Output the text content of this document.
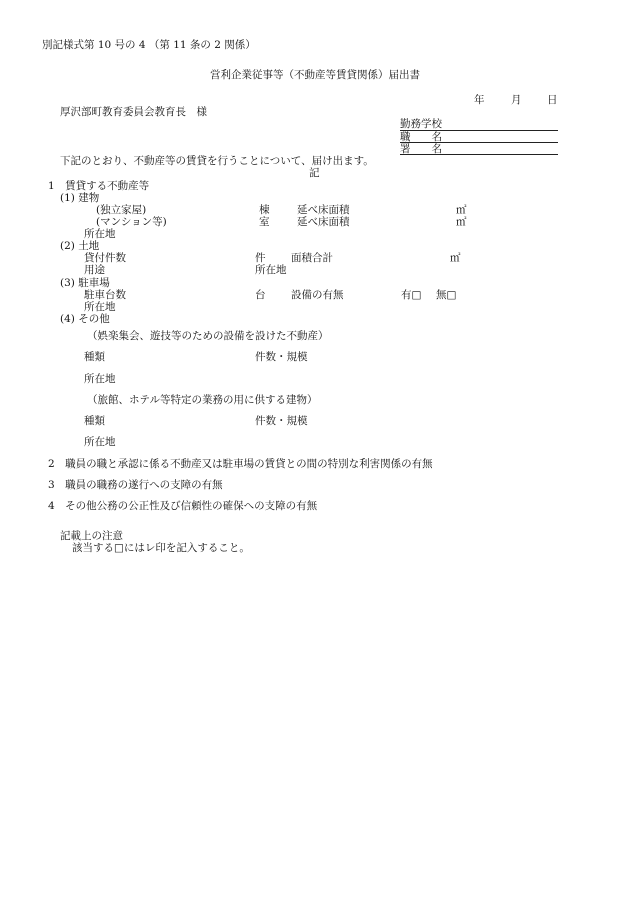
別記様式第 10 号の 4 （第 11 条の 2 関係）
営利企業従事等（不動産等賃貸関係）届出書
年	月 日
厚沢部町教育委員会教育長　様
勤務学校
職　　名
署　　名
下記のとおり、不動産等の賃貸を行うことについて、届け出ます。
記
1　賃貸する不動産等
(1) 建物
(独立家屋)	棟	延べ床面積	㎡
(マンション等)	室	延べ床面積	㎡
所在地
(2) 土地
貸付件数	件 面積合計	㎡
用途	所在地
(3) 駐車場
駐車台数	台 設備の有無	有□ 無□
所在地
(4) その他
（娯楽集会、遊技等のための設備を設けた不動産）
種類	件数・規模
所在地
（旅館、ホテル等特定の業務の用に供する建物）
種類	件数・規模
所在地
2　職員の職と承認に係る不動産又は駐車場の賃貸との間の特別な利害関係の有無
3　職員の職務の遂行への支障の有無
4　その他公務の公正性及び信頼性の確保への支障の有無
記載上の注意
該当する□にはレ印を記入すること。
